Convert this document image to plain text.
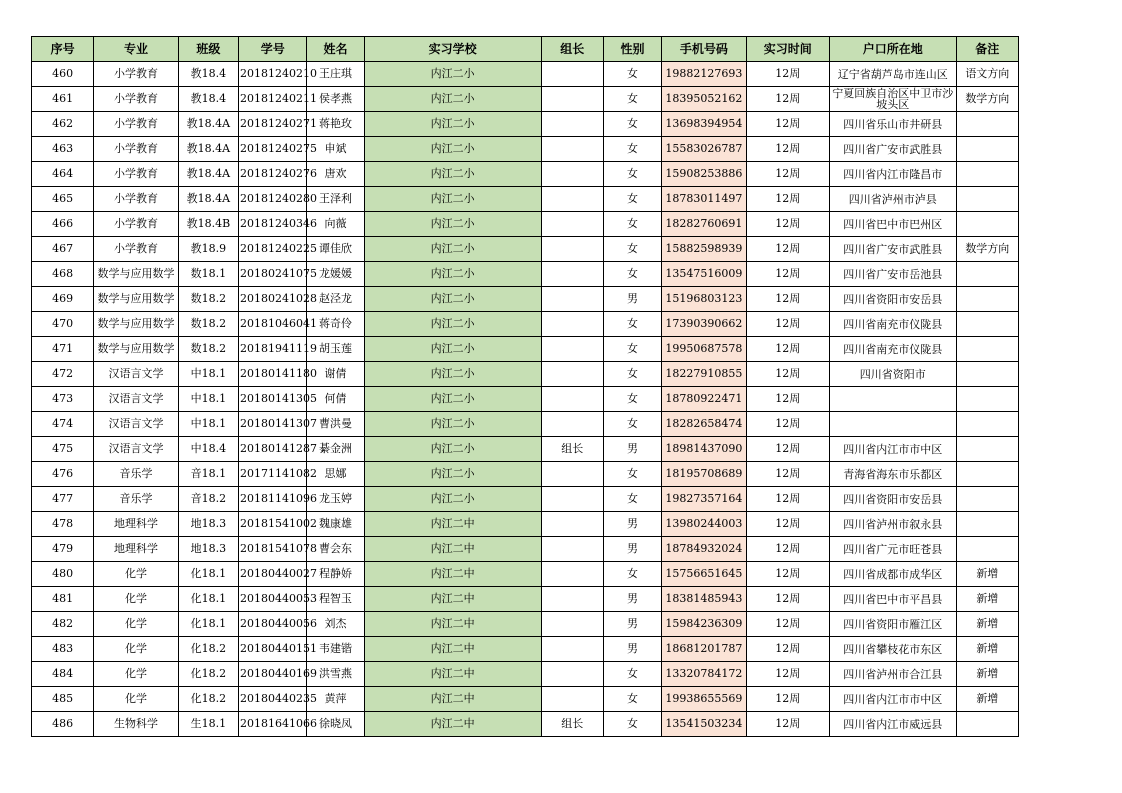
序号	专业	班级	学号	姓名	实习学校	组长	性别	手机号码	实习时间	户口所在地	备注
460	小学教育	教18.4	20181240210	王庄琪	内江二小		女	19882127693	12周	辽宁省葫芦岛市连山区	语文方向
461	小学教育	教18.4	20181240211	侯孝燕	内江二小		女	18395052162	12周	宁夏回族自治区中卫市沙坡头区	数学方向
462	小学教育	教18.4A	20181240271	蒋艳玫	内江二小		女	13698394954	12周	四川省乐山市井研县	
463	小学教育	教18.4A	20181240275	申斌	内江二小		女	15583026787	12周	四川省广安市武胜县	
464	小学教育	教18.4A	20181240276	唐欢	内江二小		女	15908253886	12周	四川省内江市隆昌市	
465	小学教育	教18.4A	20181240280	王泽利	内江二小		女	18783011497	12周	四川省泸州市泸县	
466	小学教育	教18.4B	20181240346	向薇	内江二小		女	18282760691	12周	四川省巴中市巴州区	
467	小学教育	教18.9	20181240225	谭佳欣	内江二小		女	15882598939	12周	四川省广安市武胜县	数学方向
468	数学与应用数学	数18.1	20180241075	龙媛媛	内江二小		女	13547516009	12周	四川省广安市岳池县	
469	数学与应用数学	数18.2	20180241028	赵泾龙	内江二小		男	15196803123	12周	四川省资阳市安岳县	
470	数学与应用数学	数18.2	20181046041	蒋奇伶	内江二小		女	17390390662	12周	四川省南充市仪陇县	
471	数学与应用数学	数18.2	20181941119	胡玉莲	内江二小		女	19950687578	12周	四川省南充市仪陇县	
472	汉语言文学	中18.1	20180141180	谢倩	内江二小		女	18227910855	12周	四川省资阳市	
473	汉语言文学	中18.1	20180141305	何倩	内江二小		女	18780922471	12周		
474	汉语言文学	中18.1	20180141307	曹洪曼	内江二小		女	18282658474	12周		
475	汉语言文学	中18.4	20180141287	綦金洲	内江二小	组长	男	18981437090	12周	四川省内江市市中区	
476	音乐学	音18.1	20171141082	思娜	内江二小		女	18195708689	12周	青海省海东市乐都区	
477	音乐学	音18.2	20181141096	龙玉婷	内江二小		女	19827357164	12周	四川省资阳市安岳县	
478	地理科学	地18.3	20181541002	魏康雄	内江二中		男	13980244003	12周	四川省泸州市叙永县	
479	地理科学	地18.3	20181541078	曹会东	内江二中		男	18784932024	12周	四川省广元市旺苍县	
480	化学	化18.1	20180440027	程静娇	内江二中		女	15756651645	12周	四川省成都市成华区	新增
481	化学	化18.1	20180440053	程智玉	内江二中		男	18381485943	12周	四川省巴中市平昌县	新增
482	化学	化18.1	20180440056	刘杰	内江二中		男	15984236309	12周	四川省资阳市雁江区	新增
483	化学	化18.2	20180440151	韦建锴	内江二中		男	18681201787	12周	四川省攀枝花市东区	新增
484	化学	化18.2	20180440169	洪雪燕	内江二中		女	13320784172	12周	四川省泸州市合江县	新增
485	化学	化18.2	20180440235	黄萍	内江二中		女	19938655569	12周	四川省内江市市中区	新增
486	生物科学	生18.1	20181641066	徐晓凤	内江二中	组长	女	13541503234	12周	四川省内江市威远县	
